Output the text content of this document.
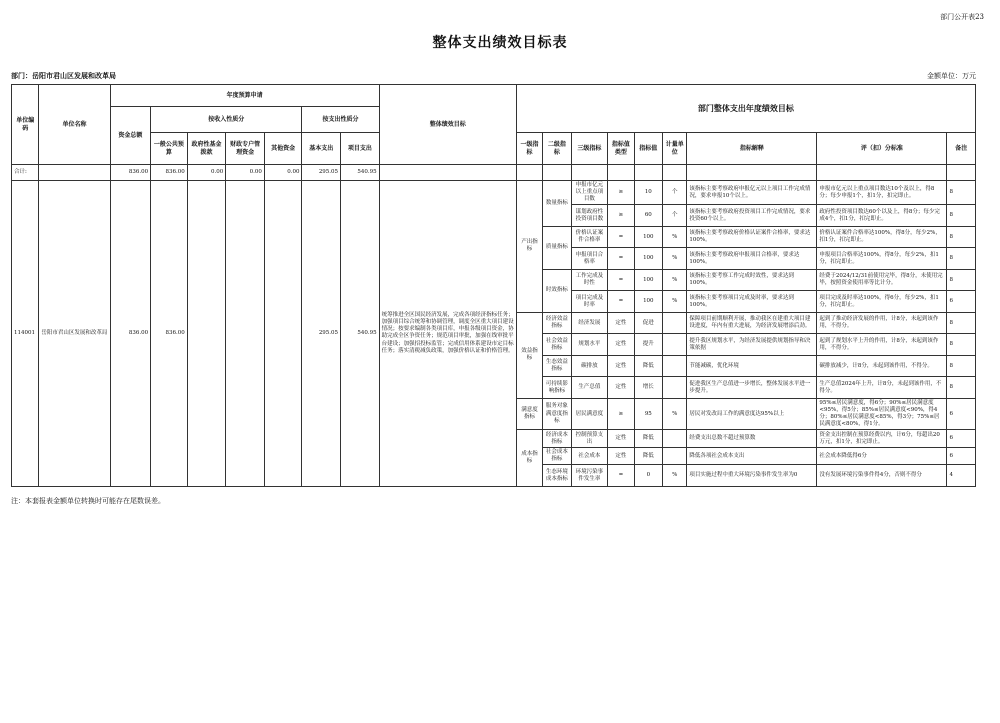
部门公开表23
整体支出绩效目标表
部门：岳阳市君山区发展和改革局	金额单位：万元
单位编码	单位名称	年度预算申请							整体绩效目标	部门整体支出年度绩效目标								
		资金总额	按收入性质分				按支出性质分											
			一般公共预算	政府性基金拨款	财政专户管理资金	其他资金	基本支出	项目支出		一级指标	二级指标	三级指标	指标值类型	指标值	计量单位	指标解释	评（扣）分标准	备注
合计:		836.00	836.00	0.00	0.00	0.00	295.05	540.95										
114001	岳阳市君山区发展和改革局	836.00	836.00				295.05	540.95	统筹推进全区国民经济发展，完成各项经济指标任务；加强项目综合统筹和协调管理，调度全区重大项目建设情况；按要求编制各类项目库，申报各级项目资金，协助完成全区争资任务；规范项目审批，加强在线审批平台建设；加强招投标监管；完成信用体系建设市定目标任务；落实清税减负政策，加强价格认证和价格管理。	产出指标	数量指标	申报市亿元以上重点项目数	≥	10	个	该指标主要考察政府申报亿元以上项目工作完成情况，要求申报10个以上。	申报市亿元以上重点项目数达10个及以上，得8分；每少申报1个，扣1分，扣完即止。	8
												谋划政府性投资项目数	≥	60	个	该指标主要考察政府投资项目工作完成情况，要求投资60个以上。	政府性投资项目数达60个以及上，得8分；每少完成4个，扣1分，扣完即止。	8
											质量指标	价格认证案件合格率	=	100	%	该指标主要考察政府价格认证案件合格率，要求达100%。	价格认证案件合格率达100%，得8分，每少2%，扣1分，扣完即止。	8
												申报项目合格率	=	100	%	该指标主要考察政府申报项目合格率，要求达100%。	申报项目合格率达100%，得8分，每少2%，扣1分，扣完即止。	8
											时效指标	工作完成及时性	=	100	%	该指标主要考察工作完成时效性，要求达到100%。	经费于2024/12/31前使用完毕，得8分，未使用完毕，按照资金使用率等比计分。	8
												项目完成及时率	=	100	%	该指标主要考察项目完成及时率，要求达到100%。	项目完成及时率达100%，得6分，每少2%，扣1分，扣完即止。	6
										效益指标	经济效益指标	经济发展	定性	促进		保障项目前期顺利开展，推动我区在建重大项目建设进度，年内有重大进展，为经济发展增添后劲。	起到了推动经济发展的作用，计8分，未起到该作用，不得分。	8
											社会效益指标	规划水平	定性	提升		提升我区规划水平，为经济发展提供规划指导和决策依据	起到了规划水平上升的作用，计8分，未起到该作用，不得分。	8
											生态效益指标	碳排放	定性	降低		节能减碳，优化环境	碳排放减少，计8分，未起到该作用，不得分。	8
											可持续影响指标	生产总值	定性	增长		促进我区生产总值进一步增长，整体发展水平进一步提升。	生产总值2024年上升，计8分，未起到该作用，不得分。	8
										满意度指标	服务对象满意度指标	居民满意度	≥	95	%	居民对发改局工作的满意度达95%以上	95%≤居民满意度，得6分；90%≤居民满意度<95%，得5分；85%≤居民满意度<90%，得4分；80%≤居民满意度<85%，得3分；75%≤居民满意度<80%，得1分。	6
										成本指标	经济成本指标	控制预算支出	定性	降低		经费支出总数不超过预算数	资金支出控制在预算经费以内，计6分，每超出20万元，扣1分，扣完即止。	6
											社会成本指标	社会成本	定性	降低		降低各项社会成本支出	社会成本降低得6分	6
											生态环境成本指标	环境污染事件发生率	=	0	%	项目实施过程中重大环境污染事件发生率为0	没有发展环境污染事件得4分，否则不得分	4
注：本套报表金额单位转换时可能存在尾数误差。
